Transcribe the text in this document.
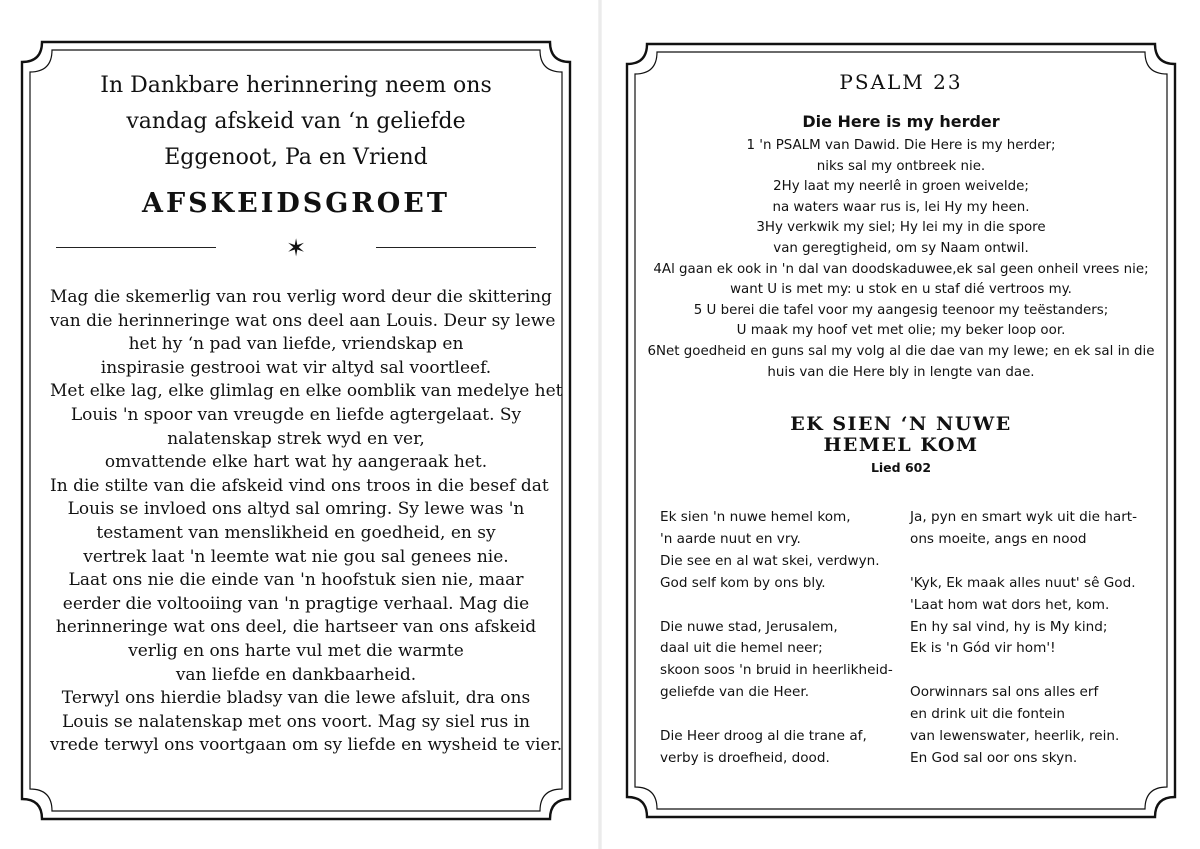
In Dankbare herinnering neem ons
vandag afskeid van ‘n geliefde
Eggenoot, Pa en Vriend
AFSKEIDSGROET
✶
Mag die skemerlig van rou verlig word deur die skittering
van die herinneringe wat ons deel aan Louis. Deur sy lewe
het hy ‘n pad van liefde, vriendskap en
inspirasie gestrooi wat vir altyd sal voortleef.
Met elke lag, elke glimlag en elke oomblik van medelye het
Louis 'n spoor van vreugde en liefde agtergelaat. Sy
nalatenskap strek wyd en ver,
omvattende elke hart wat hy aangeraak het.
In die stilte van die afskeid vind ons troos in die besef dat
Louis se invloed ons altyd sal omring. Sy lewe was 'n
testament van menslikheid en goedheid, en sy
vertrek laat 'n leemte wat nie gou sal genees nie.
Laat ons nie die einde van 'n hoofstuk sien nie, maar
eerder die voltooiing van 'n pragtige verhaal. Mag die
herinneringe wat ons deel, die hartseer van ons afskeid
verlig en ons harte vul met die warmte
van liefde en dankbaarheid.
Terwyl ons hierdie bladsy van die lewe afsluit, dra ons
Louis se nalatenskap met ons voort. Mag sy siel rus in
vrede terwyl ons voortgaan om sy liefde en wysheid te vier.
PSALM 23
Die Here is my herder
1 'n PSALM van Dawid. Die Here is my herder;
niks sal my ontbreek nie.
2Hy laat my neerlê in groen weivelde;
na waters waar rus is, lei Hy my heen.
3Hy verkwik my siel; Hy lei my in die spore
van geregtigheid, om sy Naam ontwil.
4Al gaan ek ook in 'n dal van doodskaduwee,ek sal geen onheil vrees nie;
want U is met my: u stok en u staf dié vertroos my.
5 U berei die tafel voor my aangesig teenoor my teëstanders;
U maak my hoof vet met olie; my beker loop oor.
6Net goedheid en guns sal my volg al die dae van my lewe; en ek sal in die
huis van die Here bly in lengte van dae.
EK SIEN ‘N NUWE
HEMEL KOM
Lied 602
Ek sien 'n nuwe hemel kom,
'n aarde nuut en vry.
Die see en al wat skei, verdwyn.
God self kom by ons bly.
Die nuwe stad, Jerusalem,
daal uit die hemel neer;
skoon soos 'n bruid in heerlikheid-
geliefde van die Heer.
Die Heer droog al die trane af,
verby is droefheid, dood.
Ja, pyn en smart wyk uit die hart-
ons moeite, angs en nood
'Kyk, Ek maak alles nuut' sê God.
'Laat hom wat dors het, kom.
En hy sal vind, hy is My kind;
Ek is 'n Gód vir hom'!
Oorwinnars sal ons alles erf
en drink uit die fontein
van lewenswater, heerlik, rein.
En God sal oor ons skyn.
